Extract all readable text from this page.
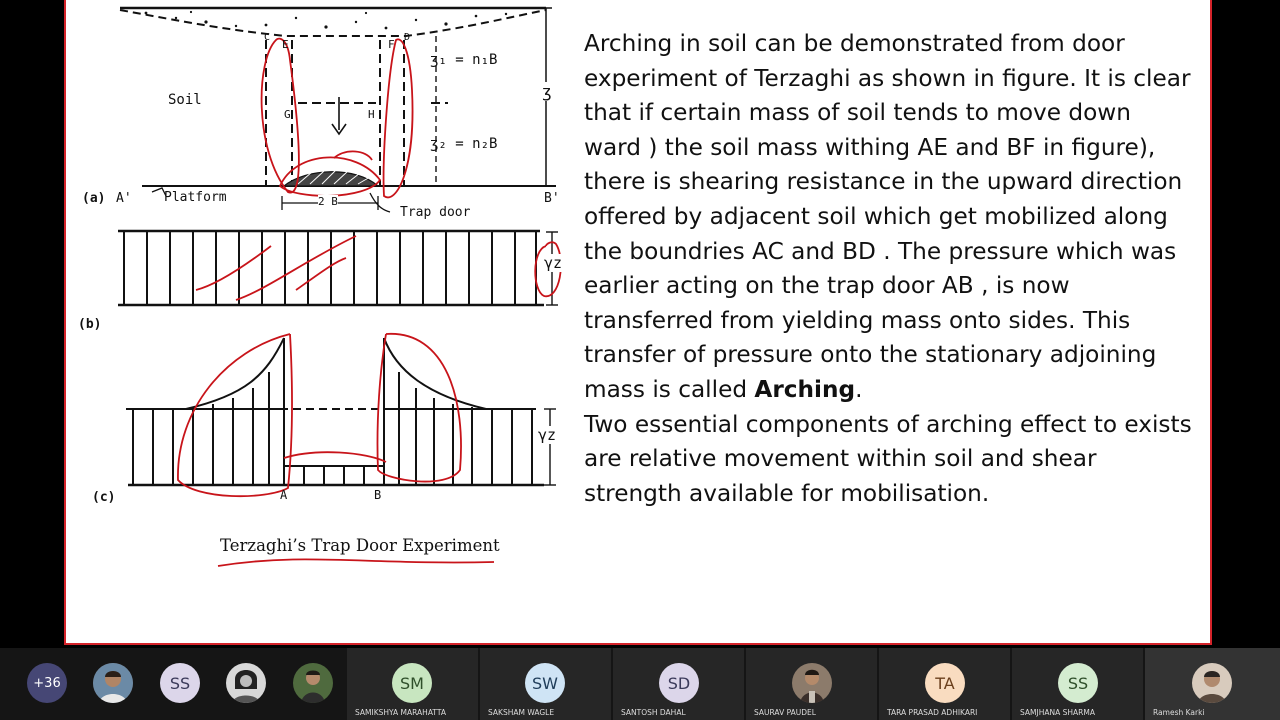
Soil
E	F
G	H
C	D
ʒ₁ = n₁B
ʒ₂ = n₂B
ʒ
(a) A' Platform	B'
2 B
Trap door
(b)
γz
(c)
γz
A	B
Terzaghi’s Trap Door Experiment

Arching in soil can be demonstrated from door experiment of Terzaghi as shown in figure. It is clear that if certain mass of soil tends to move down ward ) the soil mass withing AE and BF in figure), there is shearing resistance in the upward direction offered by adjacent soil which get mobilized along the boundries AC and BD . The pressure which was earlier acting on the trap door AB , is now transferred from yielding mass onto sides. This transfer of pressure onto the stationary adjoining mass is called Arching.

Two essential components of arching effect to exists are relative movement within soil and shear strength available for mobilisation.

+36	SS	SM
SAMIKSHYA MARAHATTA
SW
SAKSHAM WAGLE
SD
SANTOSH DAHAL	SAURAV PAUDEL
TA
TARA PRASAD ADHIKARI
SS
SAMJHANA SHARMA	Ramesh Karki
